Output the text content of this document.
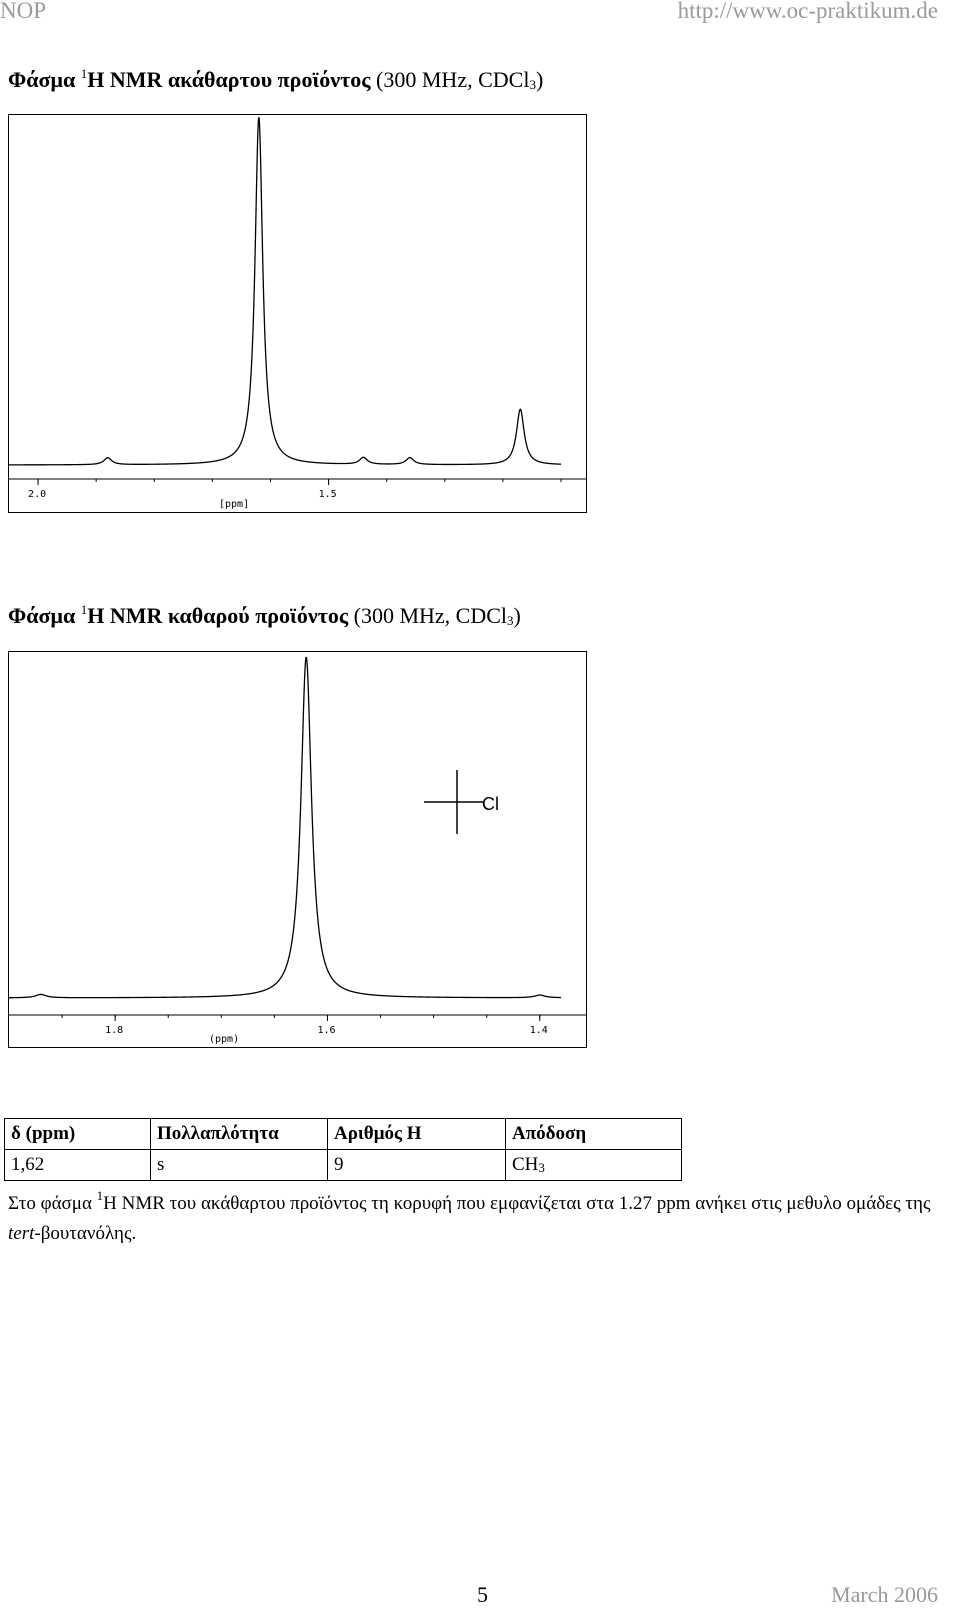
NOP	http://www.oc-praktikum.de
Φάσμα $^1$H NMR ακάθαρτου προϊόντος (300 MHz, CDCl$_3$)
2.0	1.5
[ppm]
Φάσμα $^1$H NMR καθαρού προϊόντος (300 MHz, CDCl$_3$)
1.8	1.6	1.4
(ppm)
Cl
δ (ppm)	Πολλαπλότητα	Αριθμός H	Απόδοση
1,62	s	9	$CH_3$
Στο φάσμα $^1$H NMR του ακάθαρτου προϊόντος τη κορυφή που εμφανίζεται στα 1.27 ppm ανήκει στις μεθυλο ομάδες της tert-βουτανόλης.
5	March 2006
